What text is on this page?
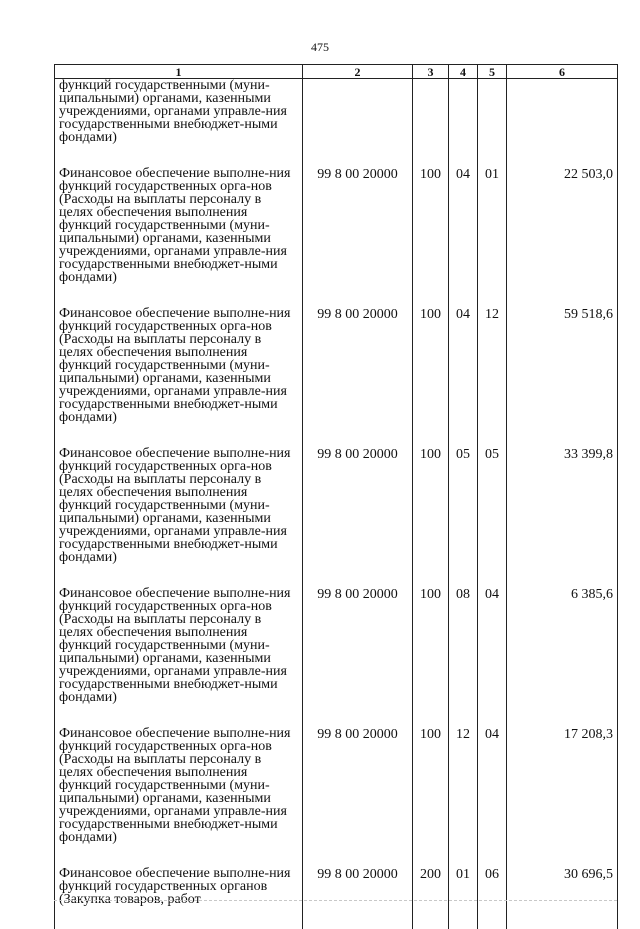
475
1	2	3	4	5	6
функций государственными (муни-ципальными) органами, казенными учреждениями, органами управле-ния государственными внебюджет-ными фондами)					
Финансовое обеспечение выполне-ния функций государственных орга-нов (Расходы на выплаты персоналу в целях обеспечения выполнения функций государственными (муни-ципальными) органами, казенными учреждениями, органами управле-ния государственными внебюджет-ными фондами)	99 8 00 20000	100	04	01	22 503,0
Финансовое обеспечение выполне-ния функций государственных орга-нов (Расходы на выплаты персоналу в целях обеспечения выполнения функций государственными (муни-ципальными) органами, казенными учреждениями, органами управле-ния государственными внебюджет-ными фондами)	99 8 00 20000	100	04	12	59 518,6
Финансовое обеспечение выполне-ния функций государственных орга-нов (Расходы на выплаты персоналу в целях обеспечения выполнения функций государственными (муни-ципальными) органами, казенными учреждениями, органами управле-ния государственными внебюджет-ными фондами)	99 8 00 20000	100	05	05	33 399,8
Финансовое обеспечение выполне-ния функций государственных орга-нов (Расходы на выплаты персоналу в целях обеспечения выполнения функций государственными (муни-ципальными) органами, казенными учреждениями, органами управле-ния государственными внебюджет-ными фондами)	99 8 00 20000	100	08	04	6 385,6
Финансовое обеспечение выполне-ния функций государственных орга-нов (Расходы на выплаты персоналу в целях обеспечения выполнения функций государственными (муни-ципальными) органами, казенными учреждениями, органами управле-ния государственными внебюджет-ными фондами)	99 8 00 20000	100	12	04	17 208,3
Финансовое обеспечение выполне-ния функций государственных органов (Закупка товаров, работ	99 8 00 20000	200	01	06	30 696,5
